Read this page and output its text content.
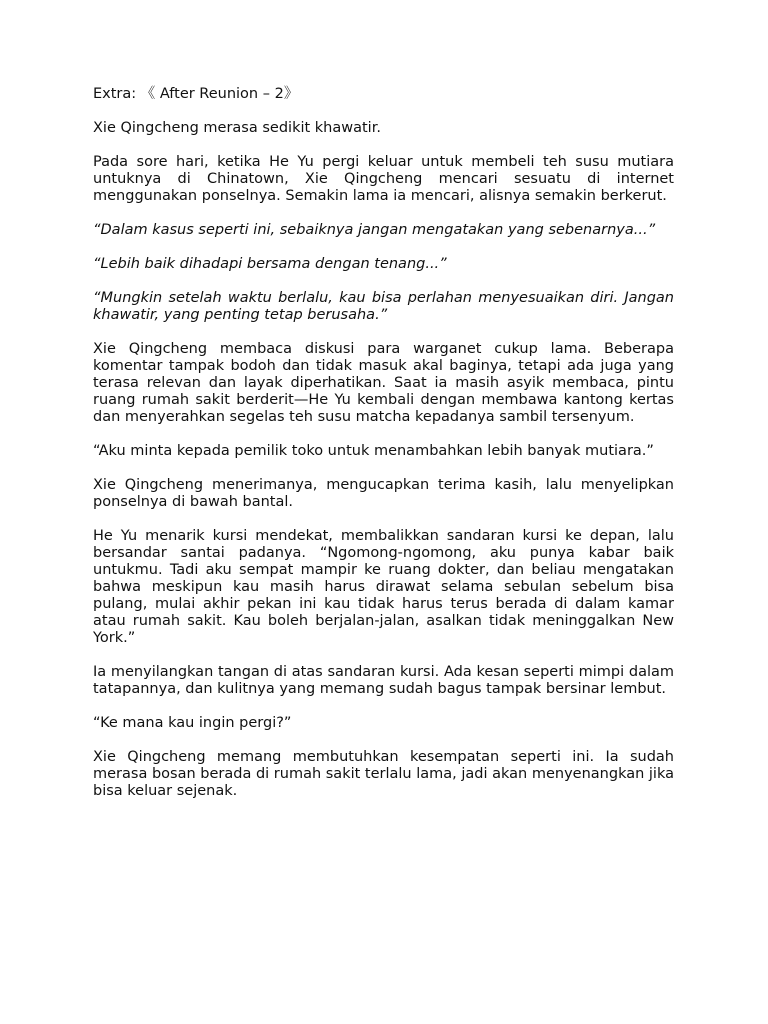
Extra: 《 After Reunion – 2》

Xie Qingcheng merasa sedikit khawatir.

Pada sore hari, ketika He Yu pergi keluar untuk membeli teh susu mutiara untuknya di Chinatown, Xie Qingcheng mencari sesuatu di internet menggunakan ponselnya. Semakin lama ia mencari, alisnya semakin berkerut.

“Dalam kasus seperti ini, sebaiknya jangan mengatakan yang sebenarnya...”

“Lebih baik dihadapi bersama dengan tenang...”

“Mungkin setelah waktu berlalu, kau bisa perlahan menyesuaikan diri. Jangan khawatir, yang penting tetap berusaha.”

Xie Qingcheng membaca diskusi para warganet cukup lama. Beberapa komentar tampak bodoh dan tidak masuk akal baginya, tetapi ada juga yang terasa relevan dan layak diperhatikan. Saat ia masih asyik membaca, pintu ruang rumah sakit berderit—He Yu kembali dengan membawa kantong kertas dan menyerahkan segelas teh susu matcha kepadanya sambil tersenyum.

“Aku minta kepada pemilik toko untuk menambahkan lebih banyak mutiara.”

Xie Qingcheng menerimanya, mengucapkan terima kasih, lalu menyelipkan ponselnya di bawah bantal.

He Yu menarik kursi mendekat, membalikkan sandaran kursi ke depan, lalu bersandar santai padanya. “Ngomong-ngomong, aku punya kabar baik untukmu. Tadi aku sempat mampir ke ruang dokter, dan beliau mengatakan bahwa meskipun kau masih harus dirawat selama sebulan sebelum bisa pulang, mulai akhir pekan ini kau tidak harus terus berada di dalam kamar atau rumah sakit. Kau boleh berjalan-jalan, asalkan tidak meninggalkan New York.”

Ia menyilangkan tangan di atas sandaran kursi. Ada kesan seperti mimpi dalam tatapannya, dan kulitnya yang memang sudah bagus tampak bersinar lembut.

“Ke mana kau ingin pergi?”

Xie Qingcheng memang membutuhkan kesempatan seperti ini. Ia sudah merasa bosan berada di rumah sakit terlalu lama, jadi akan menyenangkan jika bisa keluar sejenak.
